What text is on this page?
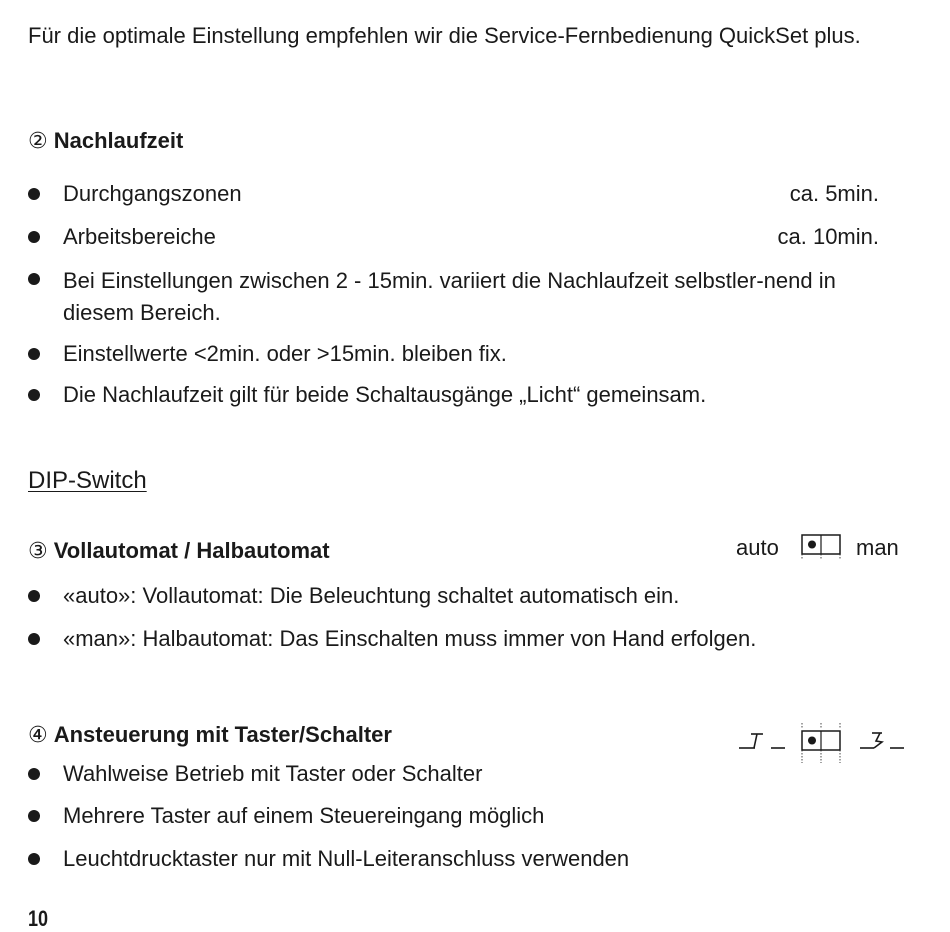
Für die optimale Einstellung empfehlen wir die Service-Fernbedienung QuickSet plus.
② Nachlaufzeit
Durchgangszonen	ca. 5min.
Arbeitsbereiche	ca. 10min.
Bei Einstellungen zwischen 2 - 15min. variiert die Nachlaufzeit selbstler-nend in diesem Bereich.
Einstellwerte <2min. oder >15min. bleiben fix.
Die Nachlaufzeit gilt für beide Schaltausgänge „Licht“ gemeinsam.
DIP-Switch
③ Vollautomat / Halbautomat	auto	man
«auto»: Vollautomat: Die Beleuchtung schaltet automatisch ein.
«man»: Halbautomat: Das Einschalten muss immer von Hand erfolgen.
④ Ansteuerung mit Taster/Schalter
Wahlweise Betrieb mit Taster oder Schalter
Mehrere Taster auf einem Steuereingang möglich
Leuchtdrucktaster nur mit Null-Leiteranschluss verwenden
10
